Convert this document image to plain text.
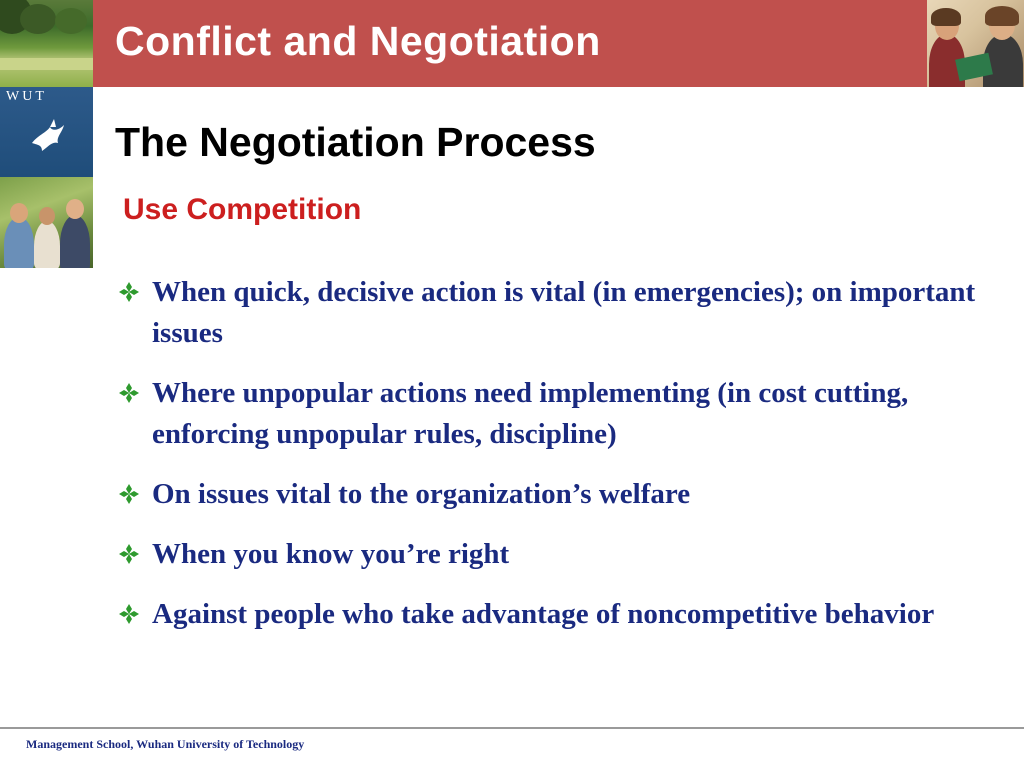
WUT
Conflict and Negotiation
The Negotiation Process
Use Competition
When quick, decisive action is vital (in emergencies); on important issues
Where unpopular actions need implementing (in cost cutting, enforcing unpopular rules, discipline)
On issues vital to the organization’s welfare
When you know you’re right
Against people who take advantage of noncompetitive behavior
Management School, Wuhan University of Technology
